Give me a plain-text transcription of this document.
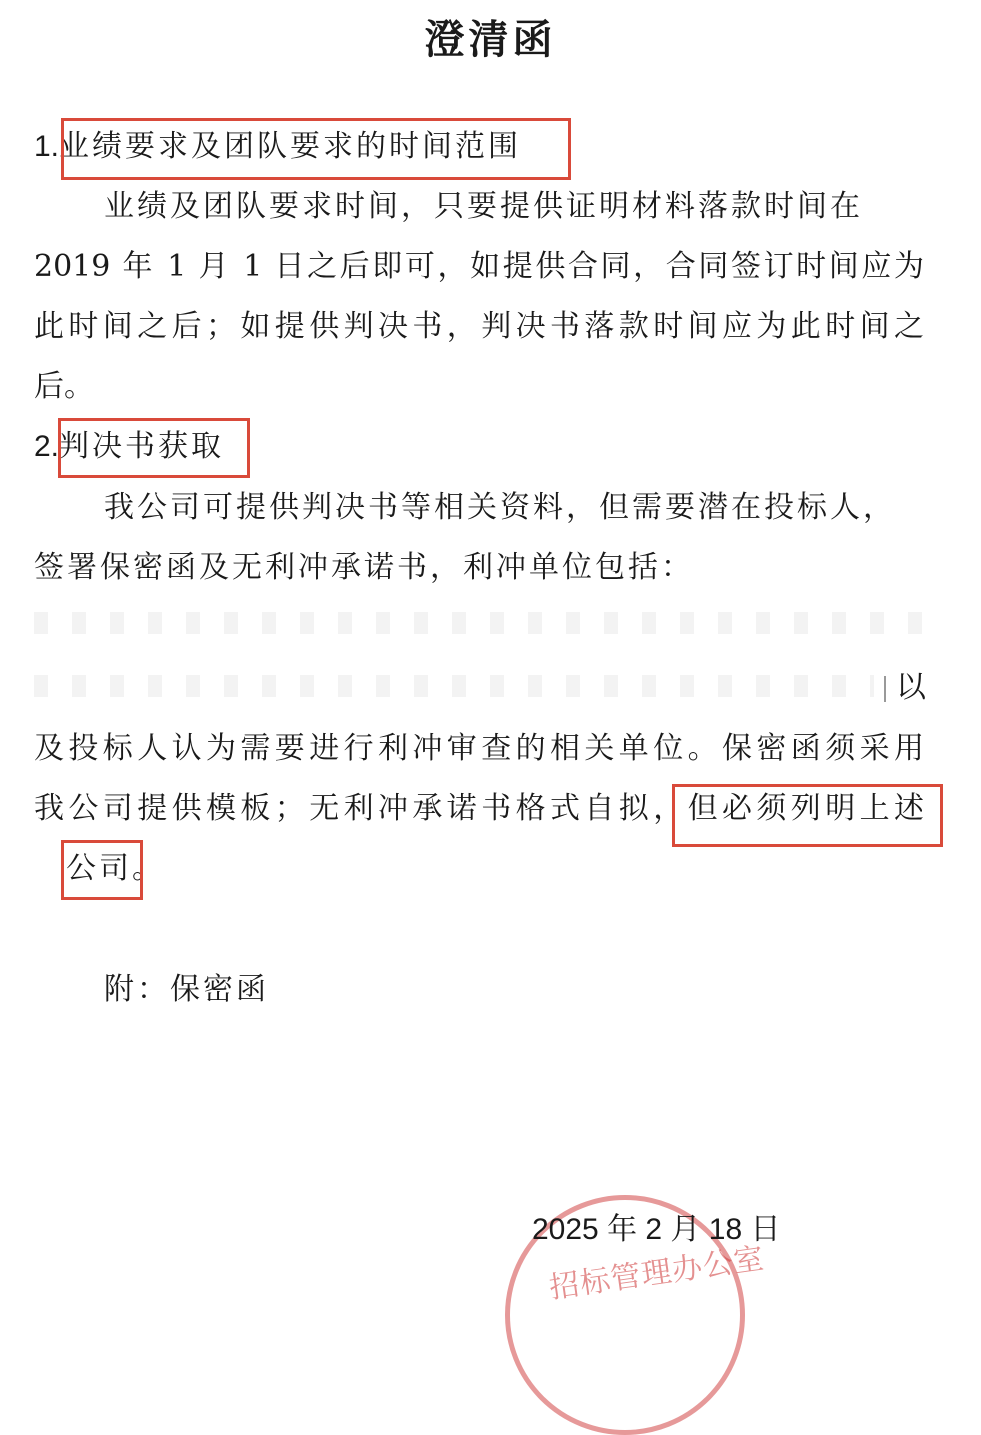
澄清函
1.业绩要求及团队要求的时间范围
业绩及团队要求时间，只要提供证明材料落款时间在
2019 年 1 月 1 日之后即可，如提供合同，合同签订时间应为
此时间之后；如提供判决书，判决书落款时间应为此时间之
后。
2.判决书获取
我公司可提供判决书等相关资料，但需要潜在投标人，
签署保密函及无利冲承诺书，利冲单位包括：
以
及投标人认为需要进行利冲审查的相关单位。保密函须采用
我公司提供模板；无利冲承诺书格式自拟，但必须列明上述
公司。
附：保密函
招标管理办公室
2025 年 2 月 18 日
